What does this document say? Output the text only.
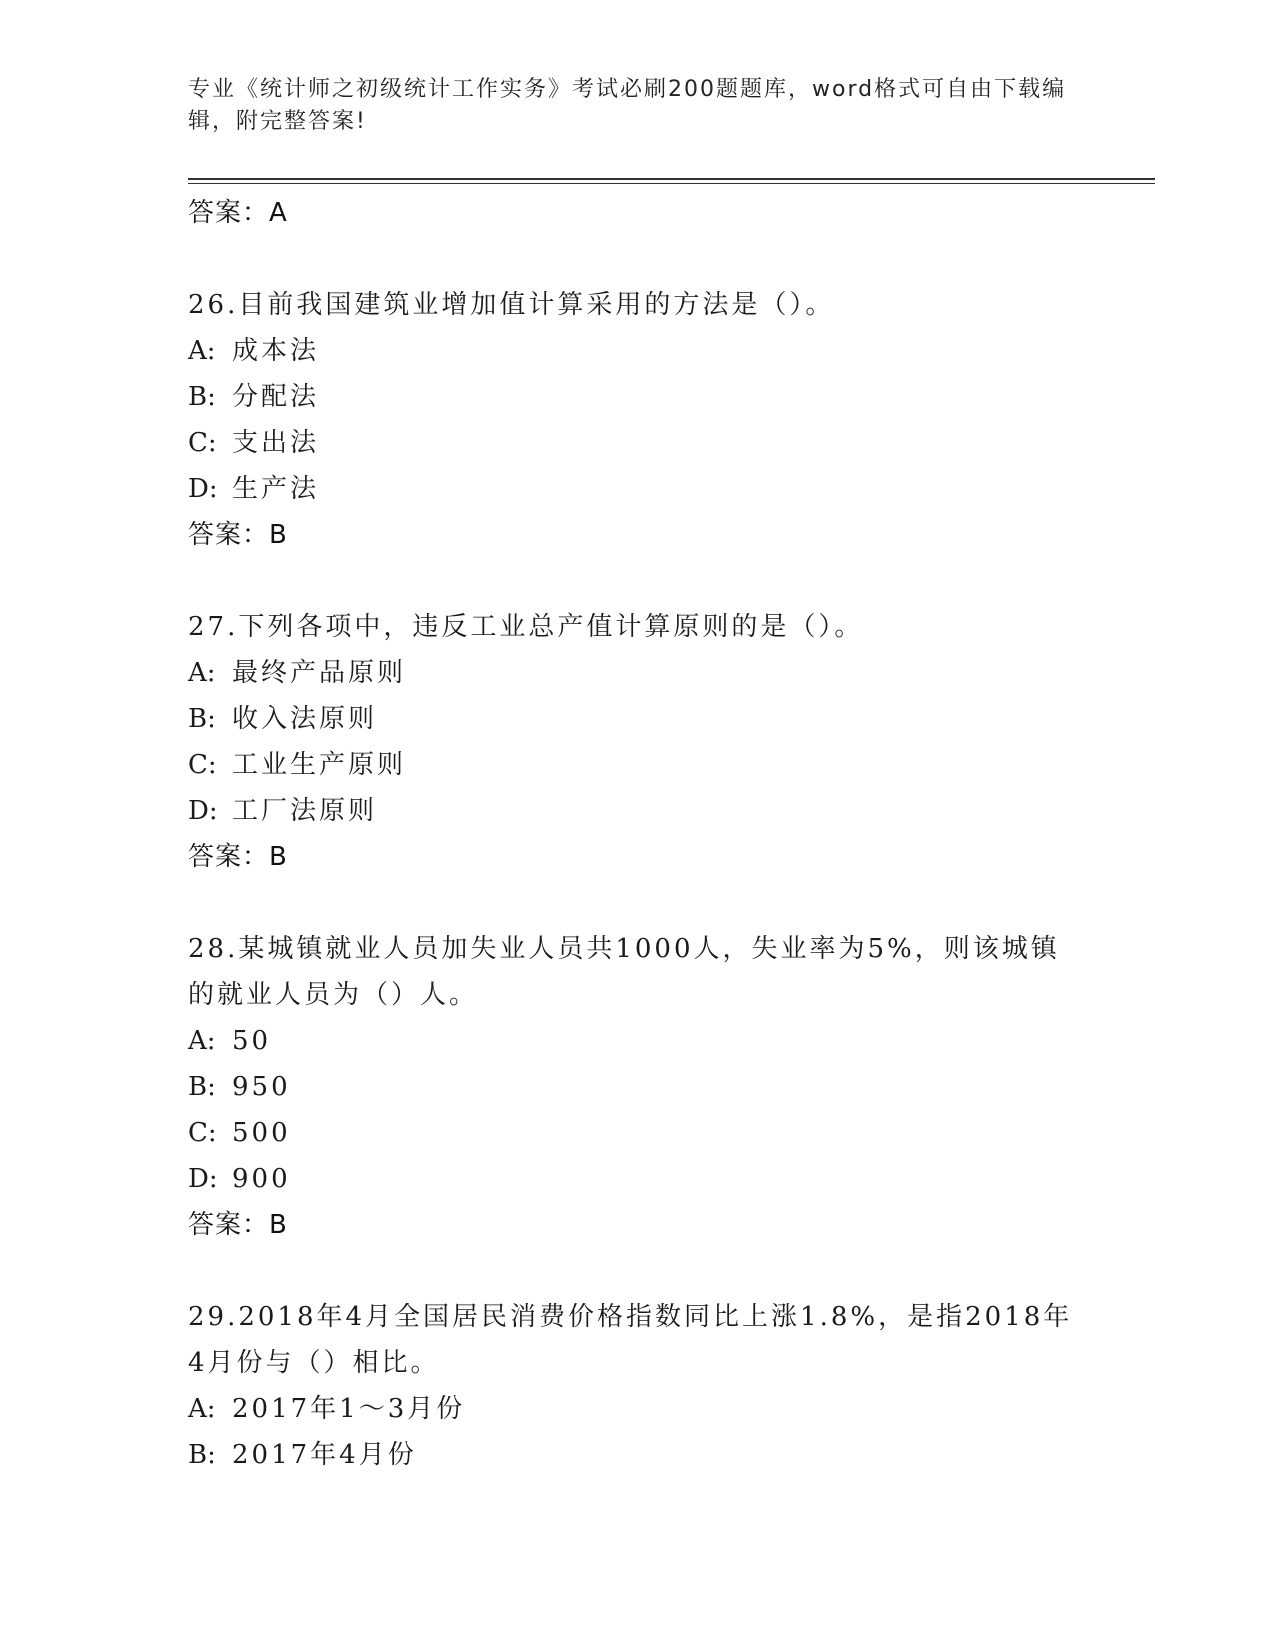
专业《统计师之初级统计工作实务》考试必刷200题题库，word格式可自由下载编辑，附完整答案!

答案：A

26.目前我国建筑业增加值计算采用的方法是（）。

A: 成本法

B: 分配法

C: 支出法

D: 生产法

答案：B

27.下列各项中，违反工业总产值计算原则的是（）。

A: 最终产品原则

B: 收入法原则

C: 工业生产原则

D: 工厂法原则

答案：B

28.某城镇就业人员加失业人员共1000人，失业率为5%，则该城镇的就业人员为（）人。

A: 50

B: 950

C: 500

D: 900

答案：B

29.2018年4月全国居民消费价格指数同比上涨1.8%，是指2018年4月份与（）相比。

A: 2017年1～3月份

B: 2017年4月份
